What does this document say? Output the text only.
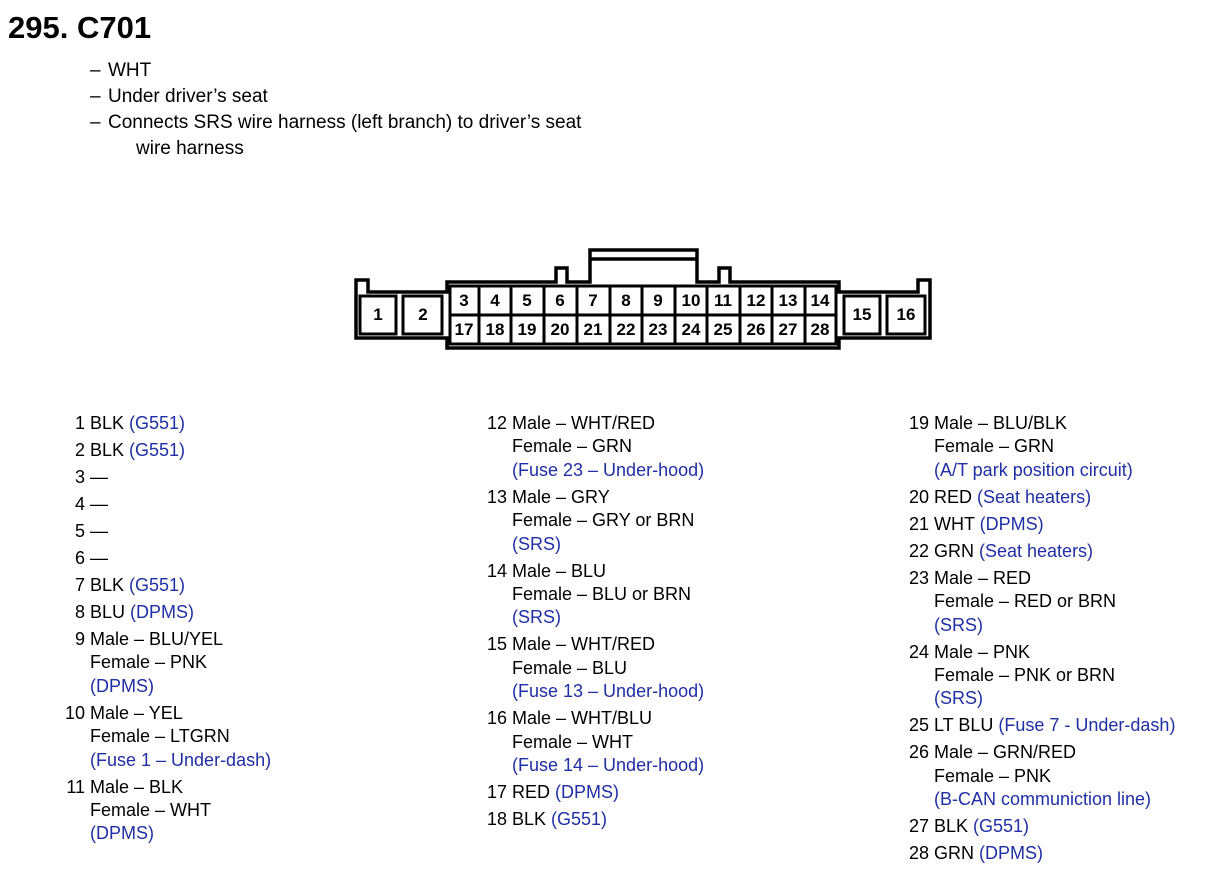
295. C701
– WHT
– Under driver’s seat
– Connects SRS wire harness (left branch) to driver’s seat wire harness
1 2	15 16
3 4 5 6 7 8 9 10 11 12 13 14
17 18 19 20 21 22 23 24 25 26 27 28
1 BLK (G551)
2 BLK (G551)
3 —
4 —
5 —
6 —
7 BLK (G551)
8 BLU (DPMS)
9 Male – BLU/YEL
Female – PNK
(DPMS)
10 Male – YEL
Female – LTGRN
(Fuse 1 – Under-dash)
11 Male – BLK
Female – WHT
(DPMS)
12 Male – WHT/RED
Female – GRN
(Fuse 23 – Under-hood)
13 Male – GRY
Female – GRY or BRN
(SRS)
14 Male – BLU
Female – BLU or BRN
(SRS)
15 Male – WHT/RED
Female – BLU
(Fuse 13 – Under-hood)
16 Male – WHT/BLU
Female – WHT
(Fuse 14 – Under-hood)
17 RED (DPMS)
18 BLK (G551)
19 Male – BLU/BLK
Female – GRN
(A/T park position circuit)
20 RED (Seat heaters)
21 WHT (DPMS)
22 GRN (Seat heaters)
23 Male – RED
Female – RED or BRN
(SRS)
24 Male – PNK
Female – PNK or BRN
(SRS)
25 LT BLU (Fuse 7 - Under-dash)
26 Male – GRN/RED
Female – PNK
(B-CAN communiction line)
27 BLK (G551)
28 GRN (DPMS)
